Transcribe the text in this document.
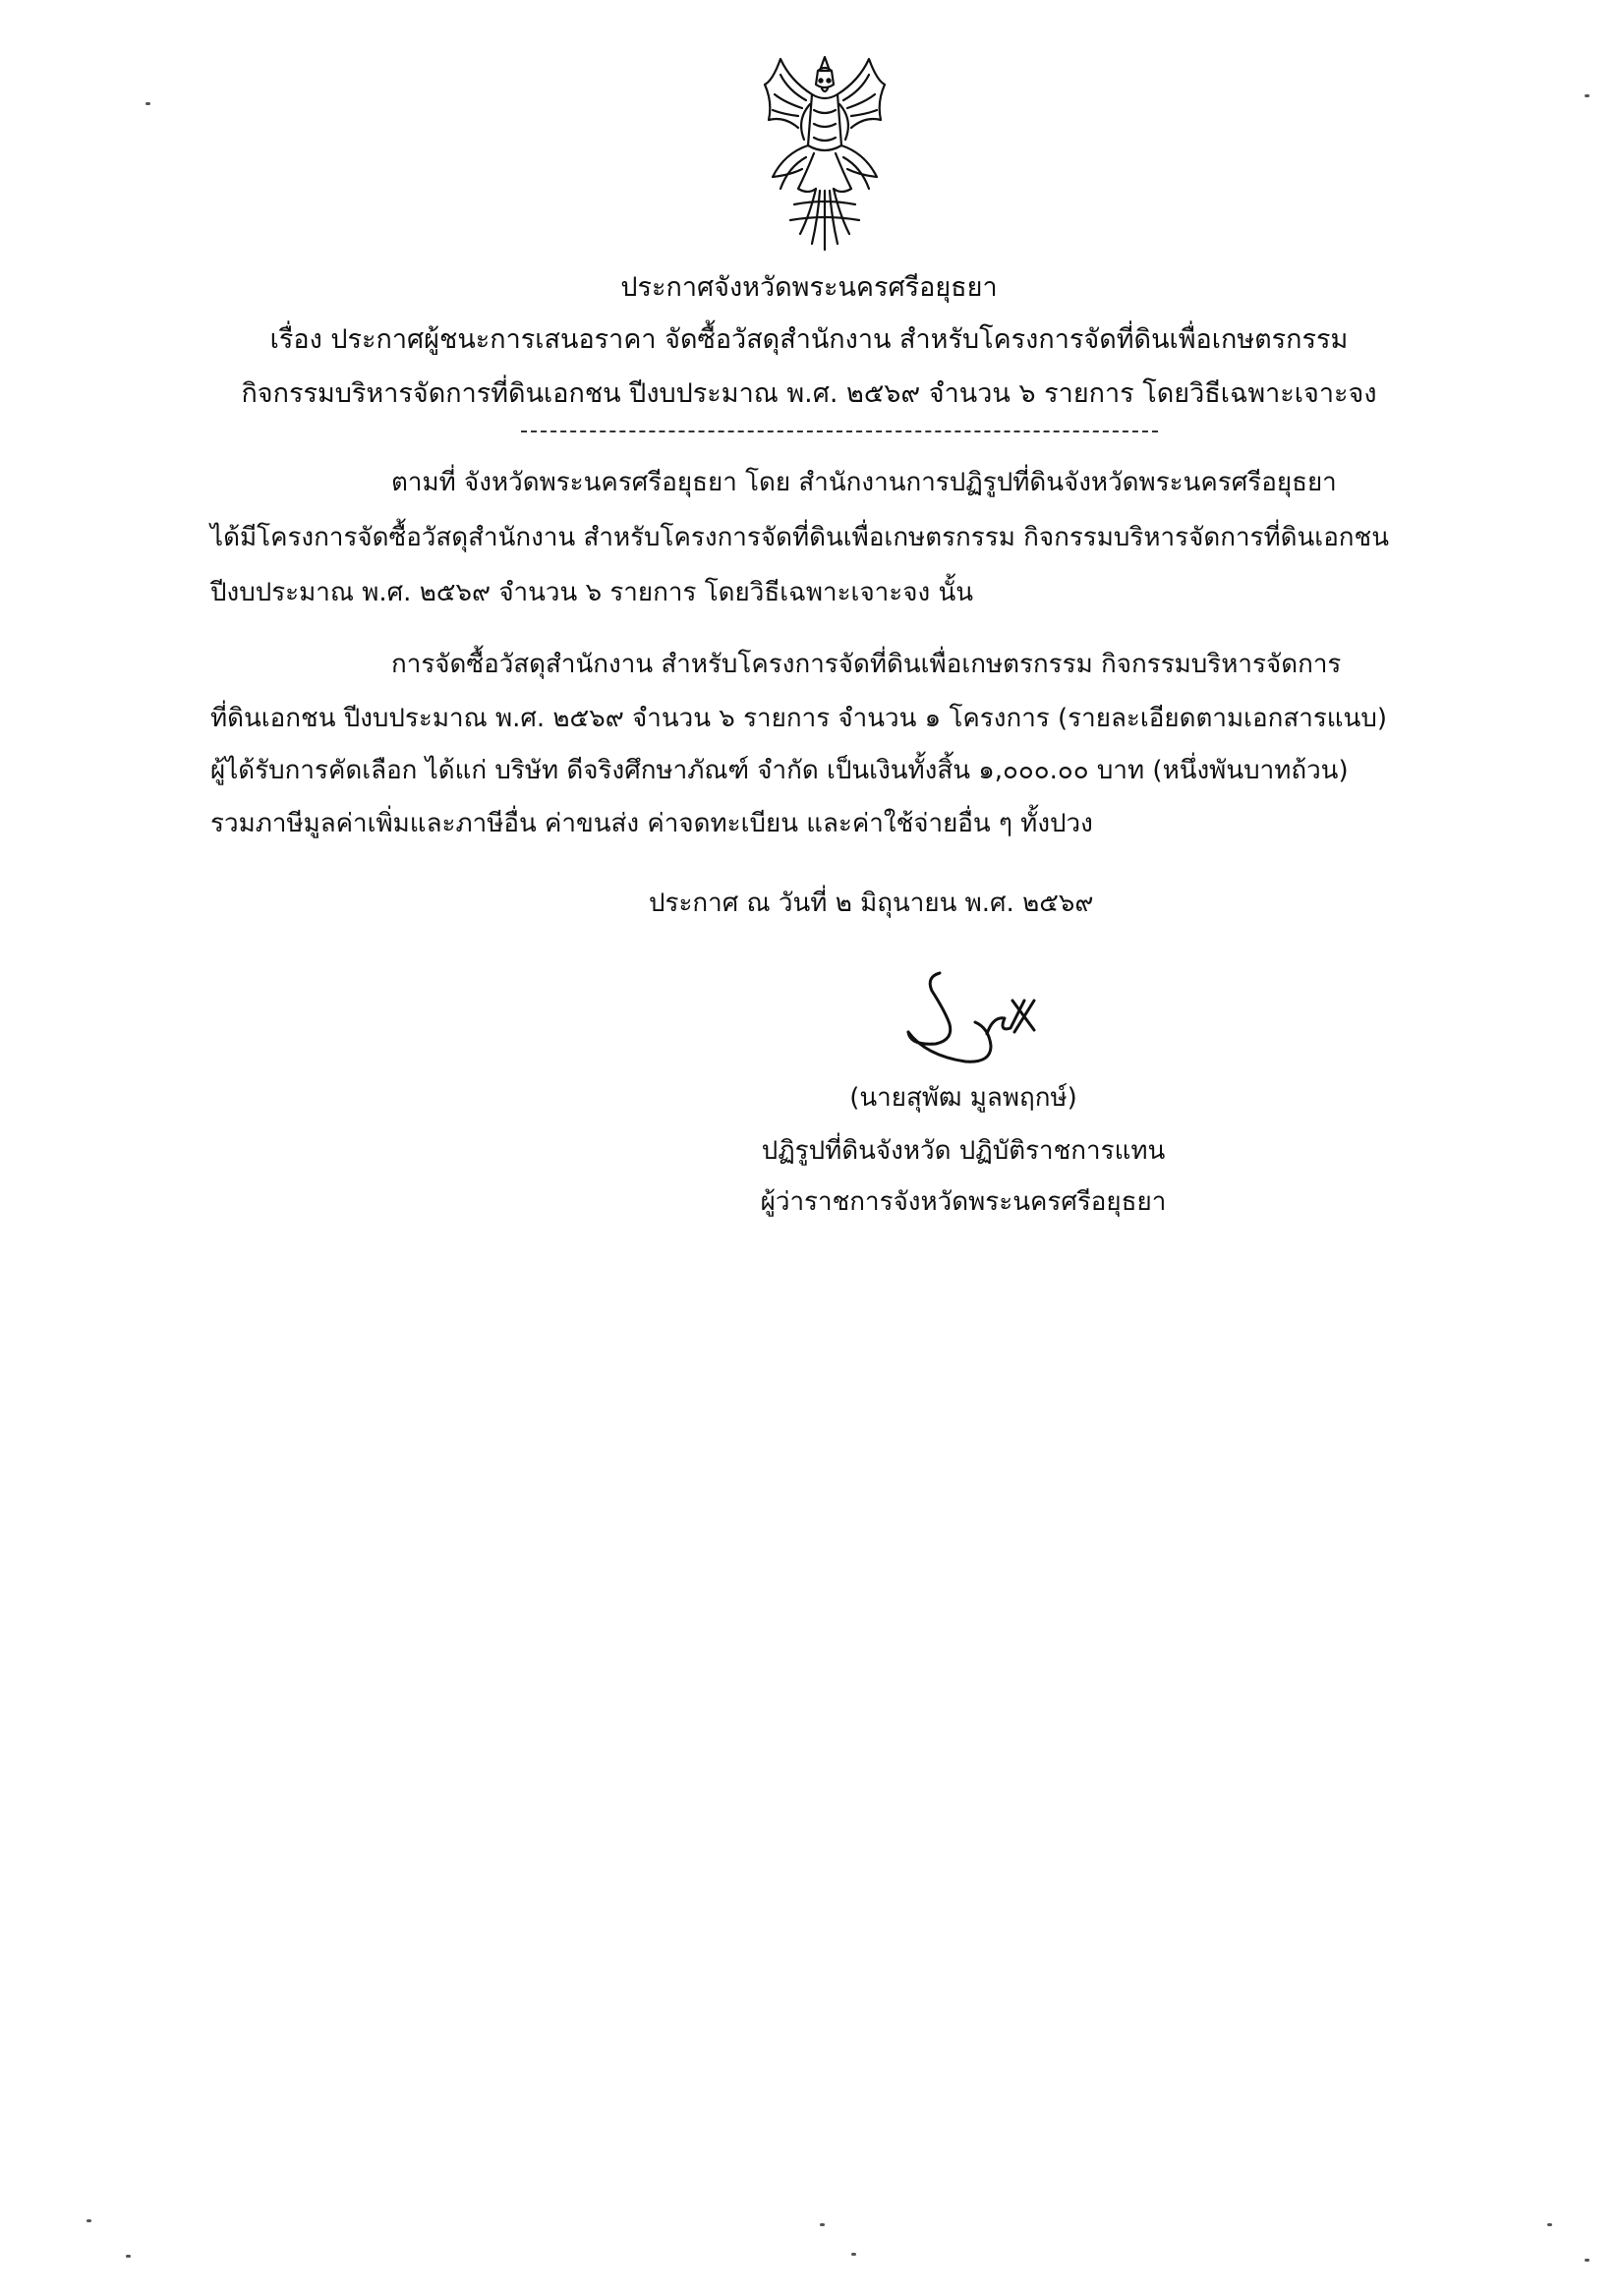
ประกาศจังหวัดพระนครศรีอยุธยา
เรื่อง ประกาศผู้ชนะการเสนอราคา จัดซื้อวัสดุสำนักงาน สำหรับโครงการจัดที่ดินเพื่อเกษตรกรรม
กิจกรรมบริหารจัดการที่ดินเอกชน ปีงบประมาณ พ.ศ. ๒๕๖๙ จำนวน ๖ รายการ โดยวิธีเฉพาะเจาะจง
ตามที่ จังหวัดพระนครศรีอยุธยา โดย สำนักงานการปฏิรูปที่ดินจังหวัดพระนครศรีอยุธยา
ได้มีโครงการจัดซื้อวัสดุสำนักงาน สำหรับโครงการจัดที่ดินเพื่อเกษตรกรรม กิจกรรมบริหารจัดการที่ดินเอกชน
ปีงบประมาณ พ.ศ. ๒๕๖๙ จำนวน ๖ รายการ โดยวิธีเฉพาะเจาะจง นั้น
การจัดซื้อวัสดุสำนักงาน สำหรับโครงการจัดที่ดินเพื่อเกษตรกรรม กิจกรรมบริหารจัดการ
ที่ดินเอกชน ปีงบประมาณ พ.ศ. ๒๕๖๙ จำนวน ๖ รายการ จำนวน ๑ โครงการ (รายละเอียดตามเอกสารแนบ)
ผู้ได้รับการคัดเลือก ได้แก่ บริษัท ดีจริงศึกษาภัณฑ์ จำกัด เป็นเงินทั้งสิ้น ๑,๐๐๐.๐๐ บาท (หนึ่งพันบาทถ้วน)
รวมภาษีมูลค่าเพิ่มและภาษีอื่น ค่าขนส่ง ค่าจดทะเบียน และค่าใช้จ่ายอื่น ๆ ทั้งปวง
ประกาศ ณ วันที่ ๒ มิถุนายน พ.ศ. ๒๕๖๙
(นายสุพัฒ มูลพฤกษ์)
ปฏิรูปที่ดินจังหวัด ปฏิบัติราชการแทน
ผู้ว่าราชการจังหวัดพระนครศรีอยุธยา
